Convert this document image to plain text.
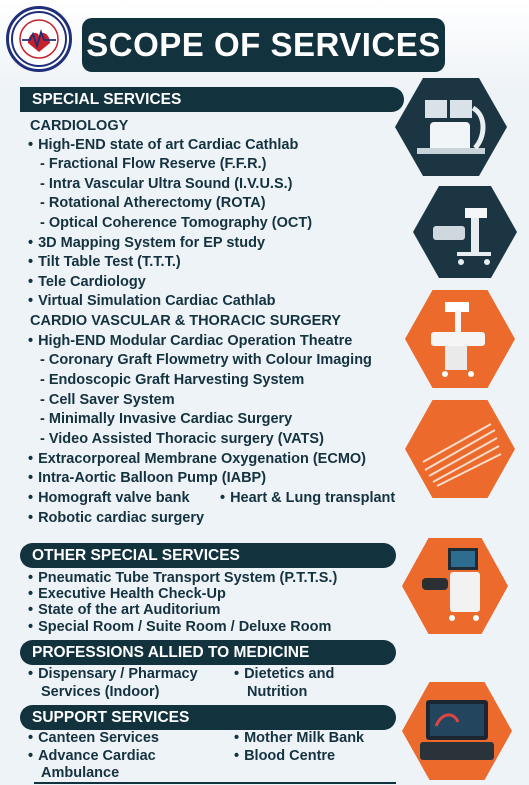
SCOPE OF SERVICES
SPECIAL SERVICES
CARDIOLOGY
• High-END state of art Cardiac Cathlab
- Fractional Flow Reserve (F.F.R.)
- Intra Vascular Ultra Sound (I.V.U.S.)
- Rotational Atherectomy (ROTA)
- Optical Coherence Tomography (OCT)
• 3D Mapping System for EP study
• Tilt Table Test (T.T.T.)
• Tele Cardiology
• Virtual Simulation Cardiac Cathlab
CARDIO VASCULAR & THORACIC SURGERY
• High-END Modular Cardiac Operation Theatre
- Coronary Graft Flowmetry with Colour Imaging
- Endoscopic Graft Harvesting System
- Cell Saver System
- Minimally Invasive Cardiac Surgery
- Video Assisted Thoracic surgery (VATS)
• Extracorporeal Membrane Oxygenation (ECMO)
• Intra-Aortic Balloon Pump (IABP)
• Homograft valve bank
•	Heart & Lung transplant
• Robotic cardiac surgery
OTHER SPECIAL SERVICES
• Pneumatic Tube Transport System (P.T.T.S.)
• Executive Health Check-Up
• State of the art Auditorium
• Special Room / Suite Room / Deluxe Room
PROFESSIONS ALLIED TO MEDICINE
• Dispensary / Pharmacy
Services (Indoor)
• Dietetics and
Nutrition
SUPPORT SERVICES
• Canteen Services
• Advance Cardiac
Ambulance
• Mother Milk Bank
• Blood Centre
